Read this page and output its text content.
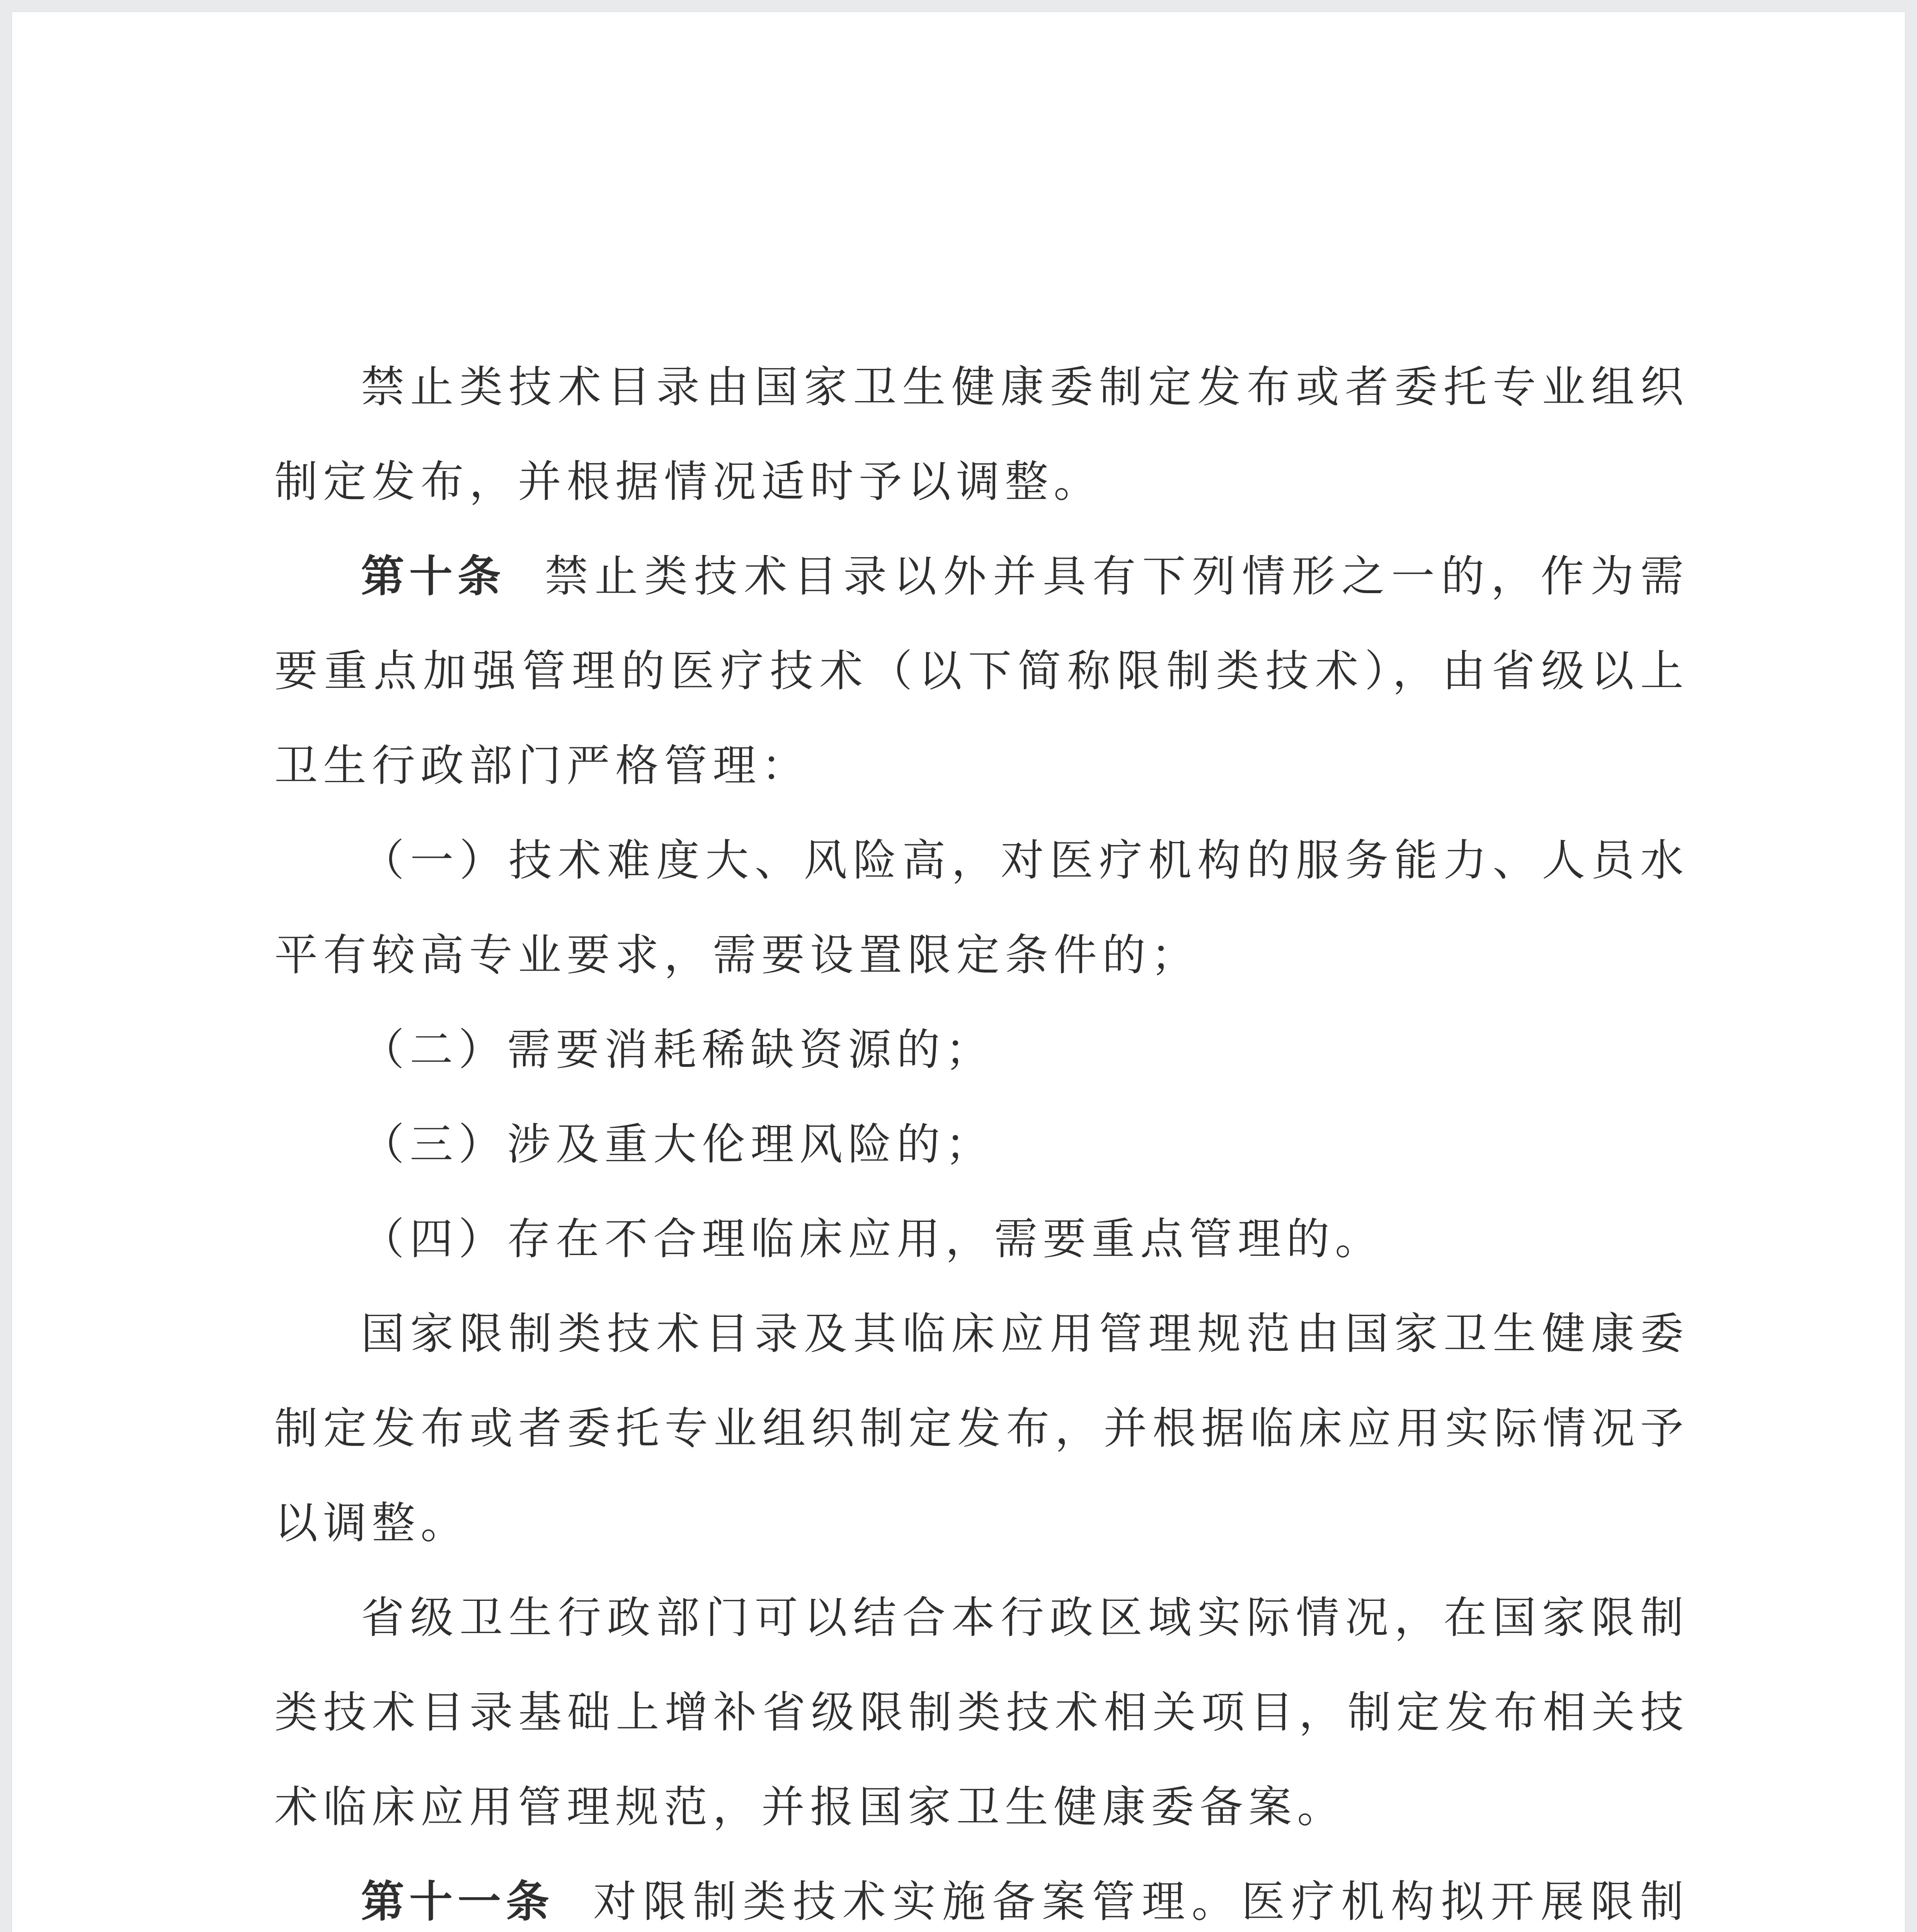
禁止类技术目录由国家卫生健康委制定发布或者委托专业组织制定发布，并根据情况适时予以调整。

第十条 禁止类技术目录以外并具有下列情形之一的，作为需要重点加强管理的医疗技术（以下简称限制类技术），由省级以上卫生行政部门严格管理：

（一）技术难度大、风险高，对医疗机构的服务能力、人员水平有较高专业要求，需要设置限定条件的；

（二）需要消耗稀缺资源的；

（三）涉及重大伦理风险的；

（四）存在不合理临床应用，需要重点管理的。

国家限制类技术目录及其临床应用管理规范由国家卫生健康委制定发布或者委托专业组织制定发布，并根据临床应用实际情况予以调整。

省级卫生行政部门可以结合本行政区域实际情况，在国家限制类技术目录基础上增补省级限制类技术相关项目，制定发布相关技术临床应用管理规范，并报国家卫生健康委备案。

第十一条 对限制类技术实施备案管理。医疗机构拟开展限制
